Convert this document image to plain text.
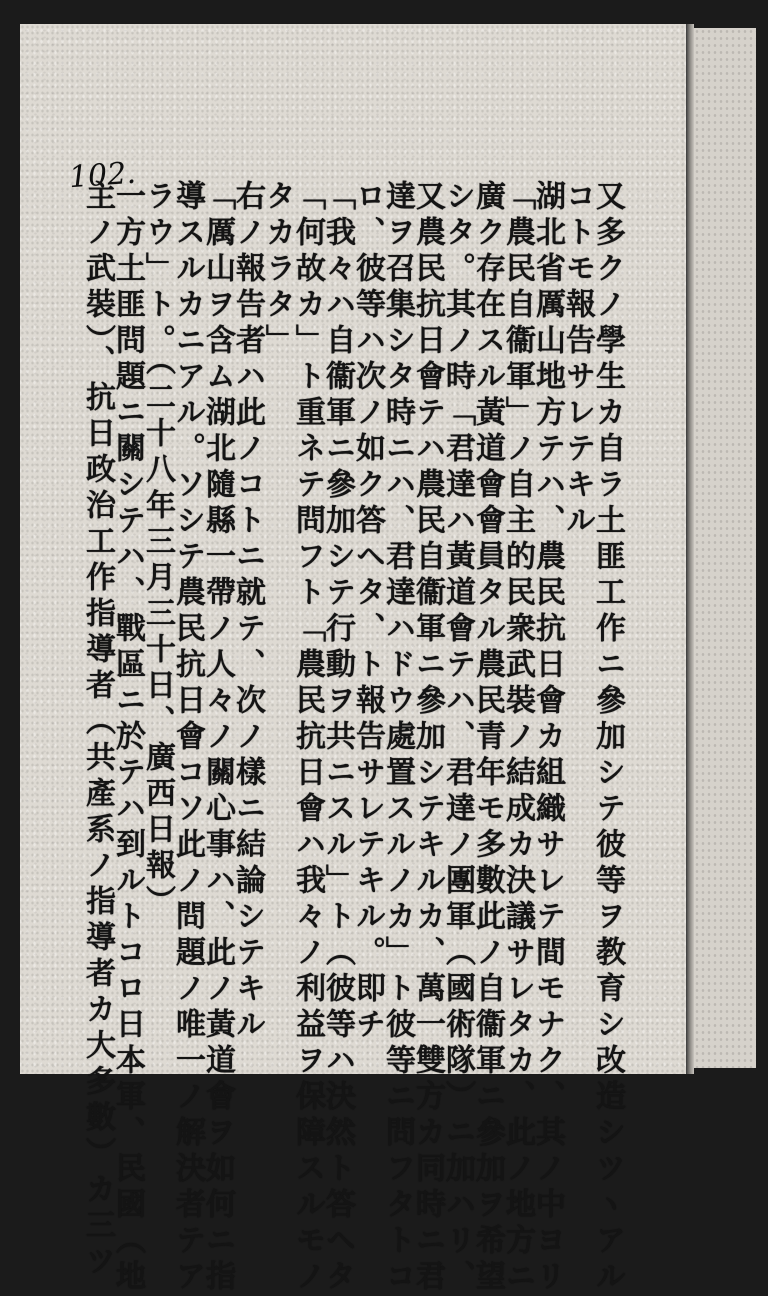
102.
又多クノ學生カ自ラ土匪工作ニ參加シテ彼等ヲ教育シ改造シツヽアル
コトモ報告サレテキル
湖北省厲山地方テハ、農民抗日會カ組織サレテ間モナク、其ノ中ヨリ
「農民自衞軍」ノ自主的民衆武裝ノ結成カ決議サレタカ、此ノ地方ニ
廣ク存在スル黃道會會員タル農民青年モ多數此ノ自衞軍ニ參加ヲ希望
シタ。其ノ時「君達ハ黃道會テハ、君達ノ團軍（國術隊）ニ加ハリ、
又農民抗日會テハ農民自衞軍ニ參加シテキルカ、萬一雙方カ同時ニ君
達ヲ召集シタ時ニハ、君達ハドウ處置スルノカ」ト彼等ニ問フタトコ
ロ、彼等ハ次ノ如ク答ヘタ、ト報告サレテキル。即チ
「我々ハ自衞軍ニ參加シテ行動ヲ共ニスル」ト（彼等ハ決然ト答ヘタ
「何故カ」ト重ネテ問フト「農民抗日會ハ我々ノ利益ヲ保障スルモノ
タカラタ」
右ノ報告者ハ此ノコトニ就テ、次ノ樣ニ結論シテキル
「厲山ヲ含ム湖北隨縣一帶ノ人々ノ關心事ハ、此ノ黃道會ヲ如何ニ指
導スルカニアル。ソシテ農民抗日會コソ此ノ問題ノ唯一ノ解決者テア
ラウ」ト。（二十八年三月三十日、廣西日報）
一方土匪問題ニ關シテハ、戰區ニ於テハ到ルトコロ日本軍、民國（地
主ノ武裝）、抗日政治工作指導者（共產系ノ指導者カ大多數）カ三ツ
